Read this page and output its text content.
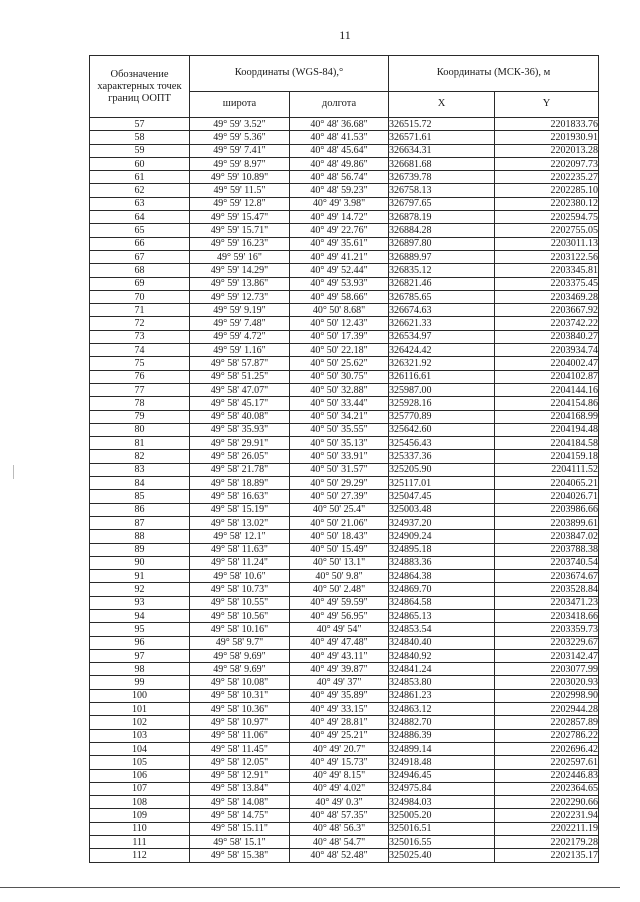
11
Обозначение характерных точек границ ООПТ	Координаты (WGS-84),°		Координаты (МСК-36), м	
	широта	долгота	X	Y
57	49° 59' 3.52"	40° 48' 36.68"	326515.72	2201833.76
58	49° 59' 5.36"	40° 48' 41.53"	326571.61	2201930.91
59	49° 59' 7.41"	40° 48' 45.64"	326634.31	2202013.28
60	49° 59' 8.97"	40° 48' 49.86"	326681.68	2202097.73
61	49° 59' 10.89"	40° 48' 56.74"	326739.78	2202235.27
62	49° 59' 11.5"	40° 48' 59.23"	326758.13	2202285.10
63	49° 59' 12.8"	40° 49' 3.98"	326797.65	2202380.12
64	49° 59' 15.47"	40° 49' 14.72"	326878.19	2202594.75
65	49° 59' 15.71"	40° 49' 22.76"	326884.28	2202755.05
66	49° 59' 16.23"	40° 49' 35.61"	326897.80	2203011.13
67	49° 59' 16"	40° 49' 41.21"	326889.97	2203122.56
68	49° 59' 14.29"	40° 49' 52.44"	326835.12	2203345.81
69	49° 59' 13.86"	40° 49' 53.93"	326821.46	2203375.45
70	49° 59' 12.73"	40° 49' 58.66"	326785.65	2203469.28
71	49° 59' 9.19"	40° 50' 8.68"	326674.63	2203667.92
72	49° 59' 7.48"	40° 50' 12.43"	326621.33	2203742.22
73	49° 59' 4.72"	40° 50' 17.39"	326534.97	2203840.27
74	49° 59' 1.16"	40° 50' 22.18"	326424.42	2203934.74
75	49° 58' 57.87"	40° 50' 25.62"	326321.92	2204002.47
76	49° 58' 51.25"	40° 50' 30.75"	326116.61	2204102.87
77	49° 58' 47.07"	40° 50' 32.88"	325987.00	2204144.16
78	49° 58' 45.17"	40° 50' 33.44"	325928.16	2204154.86
79	49° 58' 40.08"	40° 50' 34.21"	325770.89	2204168.99
80	49° 58' 35.93"	40° 50' 35.55"	325642.60	2204194.48
81	49° 58' 29.91"	40° 50' 35.13"	325456.43	2204184.58
82	49° 58' 26.05"	40° 50' 33.91"	325337.36	2204159.18
83	49° 58' 21.78"	40° 50' 31.57"	325205.90	2204111.52
84	49° 58' 18.89"	40° 50' 29.29"	325117.01	2204065.21
85	49° 58' 16.63"	40° 50' 27.39"	325047.45	2204026.71
86	49° 58' 15.19"	40° 50' 25.4"	325003.48	2203986.66
87	49° 58' 13.02"	40° 50' 21.06"	324937.20	2203899.61
88	49° 58' 12.1"	40° 50' 18.43"	324909.24	2203847.02
89	49° 58' 11.63"	40° 50' 15.49"	324895.18	2203788.38
90	49° 58' 11.24"	40° 50' 13.1"	324883.36	2203740.54
91	49° 58' 10.6"	40° 50' 9.8"	324864.38	2203674.67
92	49° 58' 10.73"	40° 50' 2.48"	324869.70	2203528.84
93	49° 58' 10.55"	40° 49' 59.59"	324864.58	2203471.23
94	49° 58' 10.56"	40° 49' 56.95"	324865.13	2203418.66
95	49° 58' 10.16"	40° 49' 54"	324853.54	2203359.73
96	49° 58' 9.7"	40° 49' 47.48"	324840.40	2203229.67
97	49° 58' 9.69"	40° 49' 43.11"	324840.92	2203142.47
98	49° 58' 9.69"	40° 49' 39.87"	324841.24	2203077.99
99	49° 58' 10.08"	40° 49' 37"	324853.80	2203020.93
100	49° 58' 10.31"	40° 49' 35.89"	324861.23	2202998.90
101	49° 58' 10.36"	40° 49' 33.15"	324863.12	2202944.28
102	49° 58' 10.97"	40° 49' 28.81"	324882.70	2202857.89
103	49° 58' 11.06"	40° 49' 25.21"	324886.39	2202786.22
104	49° 58' 11.45"	40° 49' 20.7"	324899.14	2202696.42
105	49° 58' 12.05"	40° 49' 15.73"	324918.48	2202597.61
106	49° 58' 12.91"	40° 49' 8.15"	324946.45	2202446.83
107	49° 58' 13.84"	40° 49' 4.02"	324975.84	2202364.65
108	49° 58' 14.08"	40° 49' 0.3"	324984.03	2202290.66
109	49° 58' 14.75"	40° 48' 57.35"	325005.20	2202231.94
110	49° 58' 15.11"	40° 48' 56.3"	325016.51	2202211.19
111	49° 58' 15.1"	40° 48' 54.7"	325016.55	2202179.28
112	49° 58' 15.38"	40° 48' 52.48"	325025.40	2202135.17
